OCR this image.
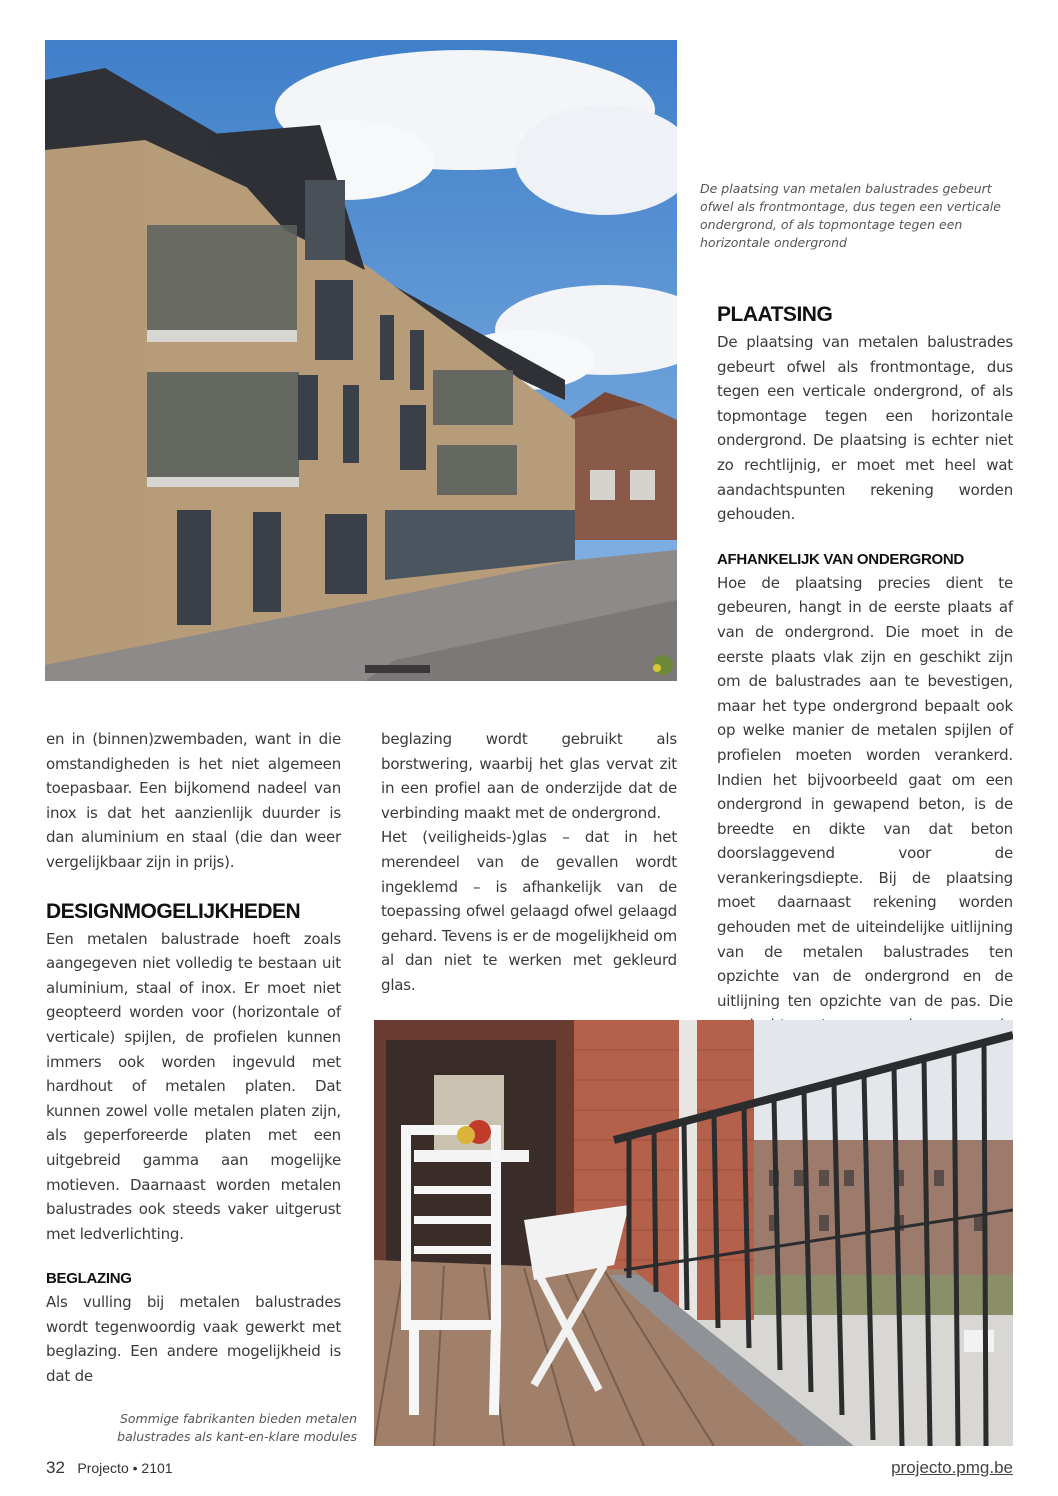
De plaatsing van metalen balustrades gebeurt ofwel als frontmontage, dus tegen een verticale ondergrond, of als topmontage tegen een horizontale ondergrond
PLAATSING

De plaatsing van metalen balustrades gebeurt ofwel als frontmontage, dus tegen een verticale ondergrond, of als topmontage tegen een horizontale ondergrond. De plaatsing is echter niet zo rechtlijnig, er moet met heel wat aandachtspunten rekening worden gehouden.

AFHANKELIJK VAN ONDERGROND

Hoe de plaatsing precies dient te gebeuren, hangt in de eerste plaats af van de ondergrond. Die moet in de eerste plaats vlak zijn en geschikt zijn om de balustrades aan te bevestigen, maar het type ondergrond bepaalt ook op welke manier de metalen spijlen of profielen moeten worden verankerd. Indien het bijvoorbeeld gaat om een ondergrond in gewapend beton, is de breedte en dikte van dat beton doorslaggevend voor de verankeringsdiepte. Bij de plaatsing moet daarnaast rekening worden gehouden met de uiteindelijke uitlijning van de metalen balustrades ten opzichte van de ondergrond en de uitlijning ten opzichte van de pas. Die

en in (binnen)zwembaden, want in die omstandigheden is het niet algemeen toepasbaar. Een bijkomend nadeel van inox is dat het aanzienlijk duurder is dan aluminium en staal (die dan weer vergelijkbaar zijn in prijs).

DESIGNMOGELIJKHEDEN

Een metalen balustrade hoeft zoals aangegeven niet volledig te bestaan uit aluminium, staal of inox. Er moet niet geopteerd worden voor (horizontale of verticale) spijlen, de profielen kunnen immers ook worden ingevuld met hardhout of metalen platen. Dat kunnen zowel volle metalen platen zijn, als geperforeerde platen met een uitgebreid gamma aan mogelijke motieven. Daarnaast worden metalen balustrades ook steeds vaker uitgerust met ledverlichting.

BEGLAZING

Als vulling bij metalen balustrades wordt tegenwoordig vaak gewerkt met beglazing. Een andere mogelijkheid is dat de

beglazing wordt gebruikt als borstwering, waarbij het glas vervat zit in een profiel aan de onderzijde dat de verbinding maakt met de ondergrond.

Het (veiligheids-)glas – dat in het merendeel van de gevallen wordt ingeklemd – is afhankelijk van de toepassing ofwel gelaagd ofwel gelaagd gehard. Tevens is er de mogelijkheid om al dan niet te werken met gekleurd glas.

Sommige fabrikanten bieden metalen balustrades als kant-en-klare modules
32 Projecto • 2101	projecto.pmg.be
